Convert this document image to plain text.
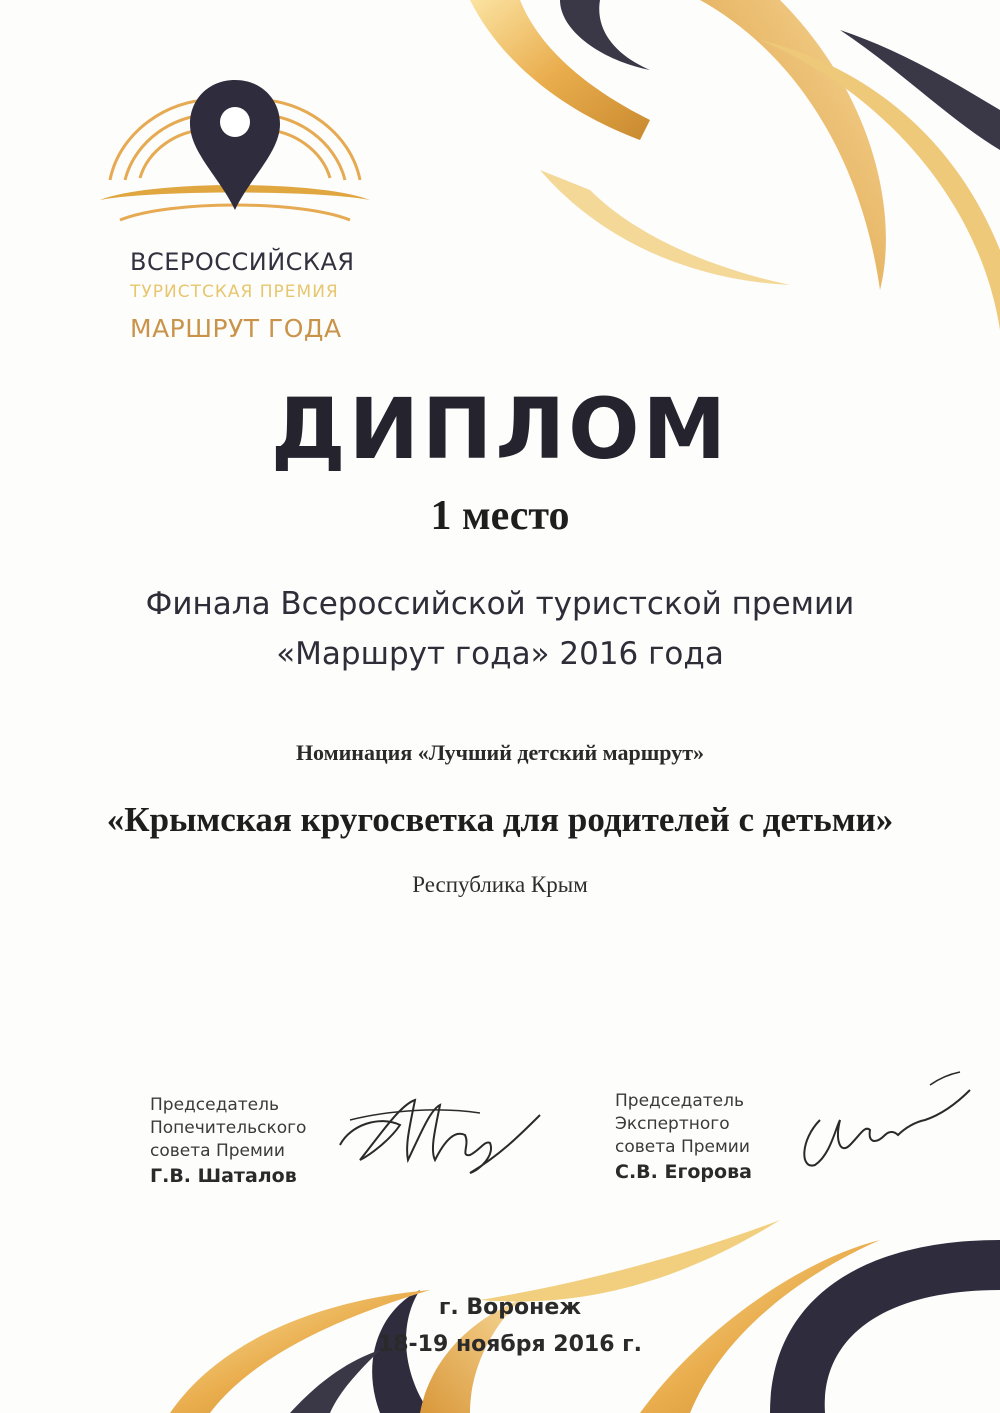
ВСЕРОССИЙСКАЯ
ТУРИСТСКАЯ ПРЕМИЯ
МАРШРУТ ГОДА
ДИПЛОМ
1 место
Финала Всероссийской туристской премии
«Маршрут года» 2016 года
Номинация «Лучший детский маршрут»
«Крымская кругосветка для родителей с детьми»
Республика Крым
Председатель
Попечительского
совета Премии
Г.В. Шаталов
Председатель
Экспертного
совета Премии
С.В. Егорова
г. Воронеж
18-19 ноября 2016 г.
